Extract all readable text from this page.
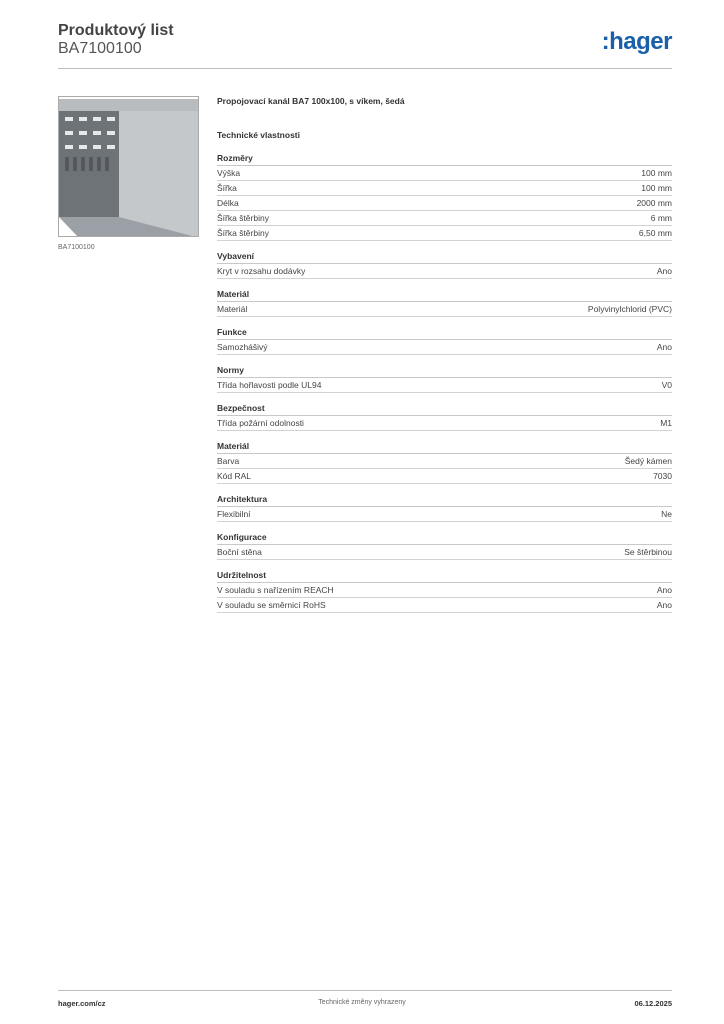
Produktový list
BA7100100	:hager
BA7100100
Propojovací kanál BA7 100x100, s víkem, šedá
Technické vlastnosti
Rozměry
Výška	100 mm
Šířka	100 mm
Délka	2000 mm
Šířka štěrbiny	6 mm
Šířka štěrbiny	6,50 mm
Vybavení
Kryt v rozsahu dodávky	Ano
Materiál
Materiál	Polyvinylchlorid (PVC)
Funkce
Samozhášivý	Ano
Normy
Třída hořlavosti podle UL94	V0
Bezpečnost
Třída požární odolnosti	M1
Materiál
Barva	Šedý kámen
Kód RAL	7030
Architektura
Flexibilní	Ne
Konfigurace
Boční stěna	Se štěrbinou
Udržitelnost
V souladu s nařízením REACH	Ano
V souladu se směrnicí RoHS	Ano
hager.com/cz	Technické změny vyhrazeny	06.12.2025
